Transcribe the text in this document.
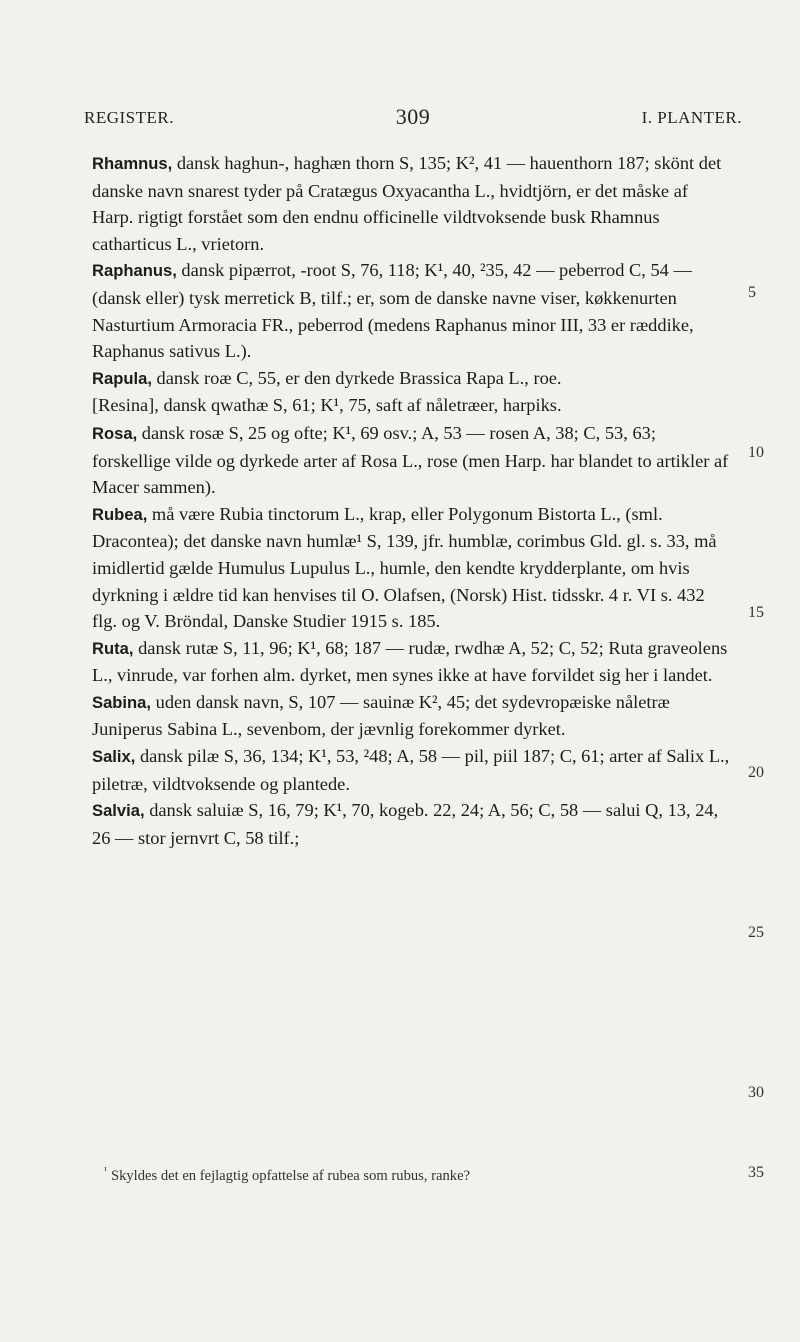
REGISTER.	309	I. PLANTER.

Rhamnus, dansk haghun-, haghæn thorn S, 135; K², 41 — hauenthorn 187; skönt det danske navn snarest tyder på Cratægus Oxyacantha L., hvidtjörn, er det måske af Harp. rigtigt forstået som den endnu officinelle vildtvoksende busk Rhamnus catharticus L., vrietorn.

Raphanus, dansk pipærrot, -root S, 76, 118; K¹, 40, ²35, 42 — peberrod C, 54 — (dansk eller) tysk merretick B, tilf.; er, som de danske navne viser, køkkenurten Nasturtium Armoracia FR., peberrod (medens Raphanus minor III, 33 er ræddike, Raphanus sativus L.).

Rapula, dansk roæ C, 55, er den dyrkede Brassica Rapa L., roe.

[Resina], dansk qwathæ S, 61; K¹, 75, saft af nåletræer, harpiks.

Rosa, dansk rosæ S, 25 og ofte; K¹, 69 osv.; A, 53 — rosen A, 38; C, 53, 63; forskellige vilde og dyrkede arter af Rosa L., rose (men Harp. har blandet to artikler af Macer sammen).

Rubea, må være Rubia tinctorum L., krap, eller Polygonum Bistorta L., (sml. Dracontea); det danske navn humlæ¹ S, 139, jfr. humblæ, corimbus Gld. gl. s. 33, må imidlertid gælde Humulus Lupulus L., humle, den kendte krydderplante, om hvis dyrkning i ældre tid kan henvises til O. Olafsen, (Norsk) Hist. tidsskr. 4 r. VI s. 432 flg. og V. Bröndal, Danske Studier 1915 s. 185.

Ruta, dansk rutæ S, 11, 96; K¹, 68; 187 — rudæ, rwdhæ A, 52; C, 52; Ruta graveolens L., vinrude, var forhen alm. dyrket, men synes ikke at have forvildet sig her i landet.

Sabina, uden dansk navn, S, 107 — sauinæ K², 45; det sydevropæiske nåletræ Juniperus Sabina L., sevenbom, der jævnlig forekommer dyrket.

Salix, dansk pilæ S, 36, 134; K¹, 53, ²48; A, 58 — pil, piil 187; C, 61; arter af Salix L., piletræ, vildtvoksende og plantede.

Salvia, dansk saluiæ S, 16, 79; K¹, 70, kogeb. 22, 24; A, 56; C, 58 — salui Q, 13, 24, 26 — stor jernvrt C, 58 tilf.;

5
10
15
20
25
30
35
$^{^1}$ Skyldes det en fejlagtig opfattelse af rubea som rubus, ranke?
